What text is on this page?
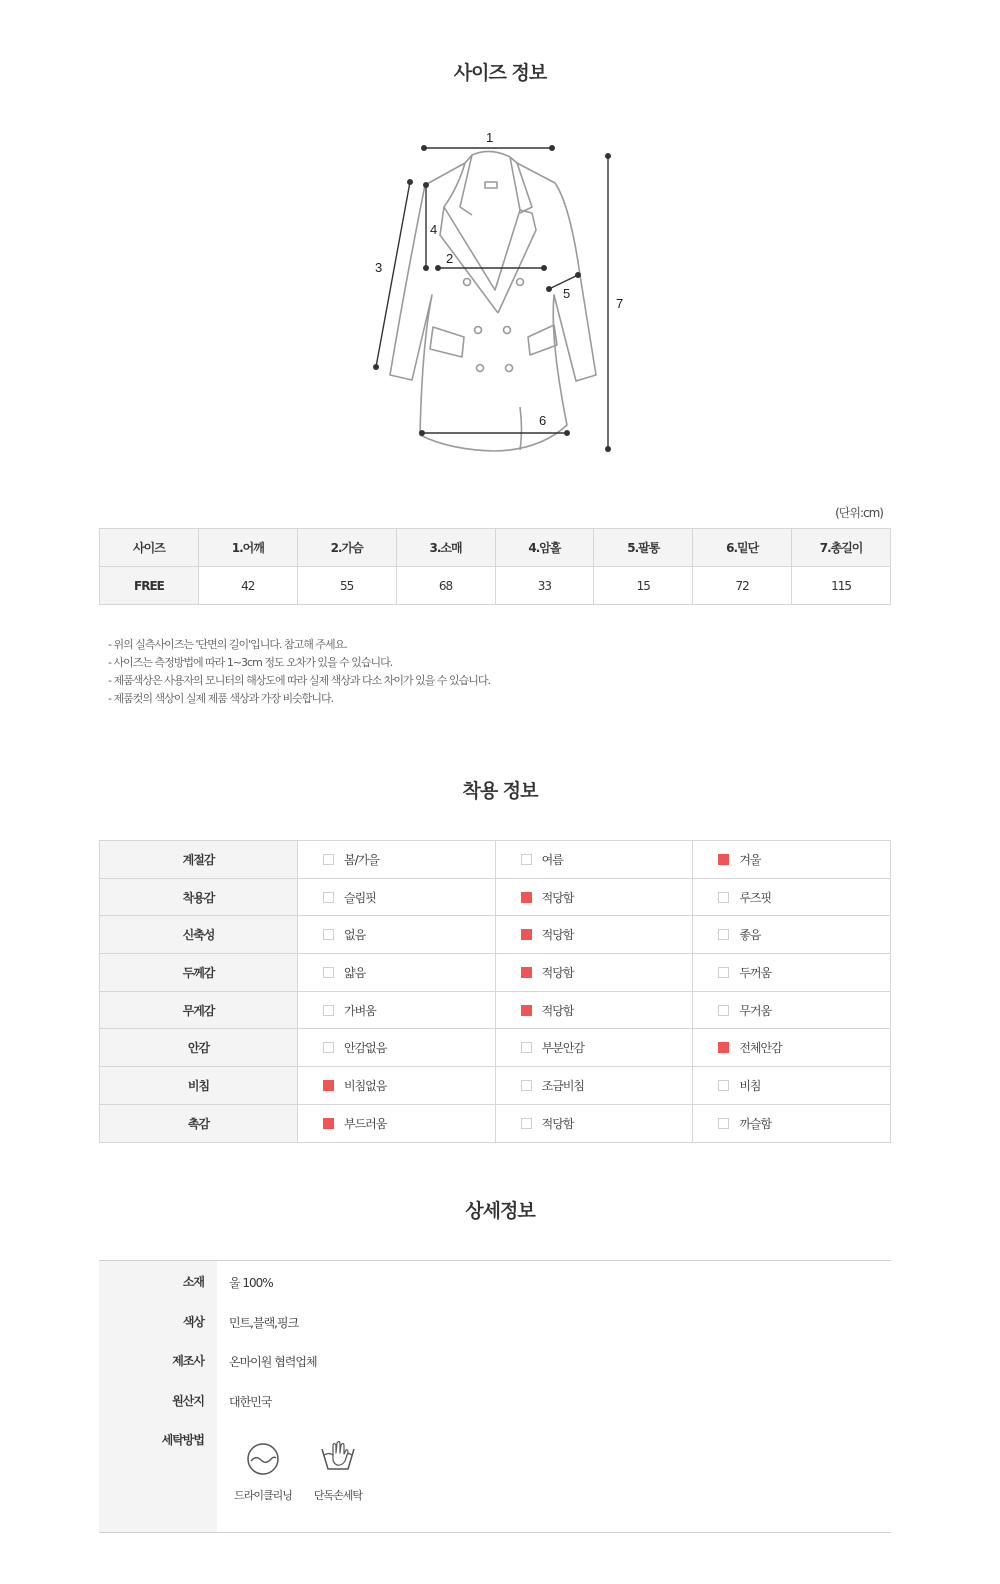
사이즈 정보
1
2
3
4
5
6
7
(단위:cm)
사이즈	1.어깨	2.가슴	3.소매	4.암홀	5.팔통	6.밑단	7.총길이
FREE	42	55	68	33	15	72	115
- 위의 실측사이즈는 '단면의 길이'입니다. 참고해 주세요.
- 사이즈는 측정방법에 따라 1~3cm 정도 오차가 있을 수 있습니다.
- 제품색상은 사용자의 모니터의 해상도에 따라 실제 색상과 다소 차이가 있을 수 있습니다.
- 제품컷의 색상이 실제 제품 색상과 가장 비슷합니다.
착용 정보
계절감	봄/가을	여름	겨울
착용감	슬림핏	적당함	루즈핏
신축성	없음	적당함	좋음
두께감	얇음	적당함	두꺼움
무게감	가벼움	적당함	무거움
안감	안감없음	부분안감	전체안감
비침	비침없음	조금비침	비침
촉감	부드러움	적당함	까슬함
상세정보
소재 울 100%
색상 민트,블랙,핑크
제조사 온마이원 협력업체
원산지 대한민국
세탁방법
드라이클리닝	단독손세탁
